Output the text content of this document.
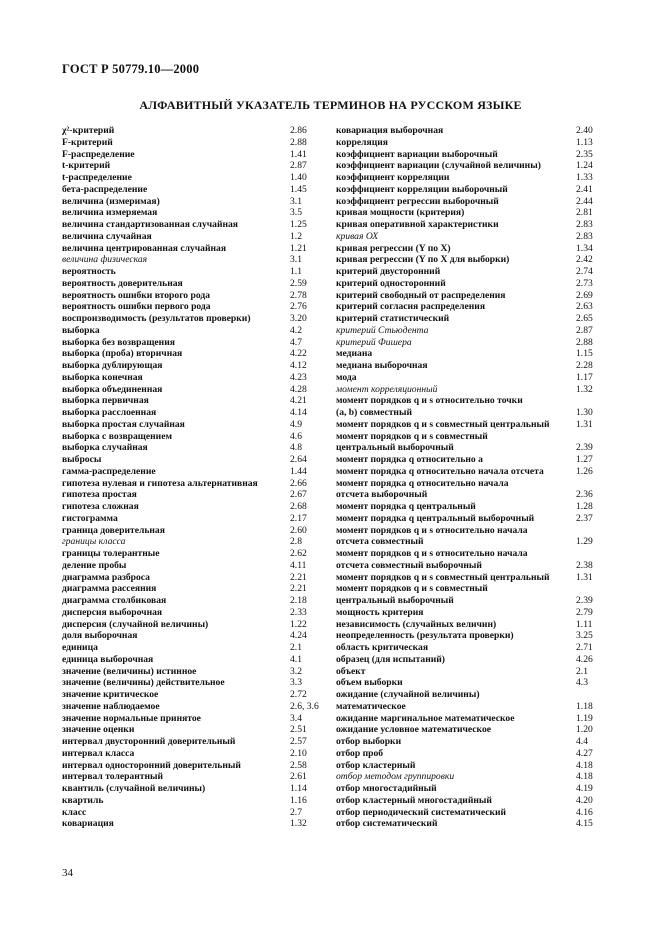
ГОСТ Р 50779.10—2000
АЛФАВИТНЫЙ УКАЗАТЕЛЬ ТЕРМИНОВ НА РУССКОМ ЯЗЫКЕ
χ²-критерий	2.86
F-критерий	2.88
F-распределение	1.41
t-критерий	2.87
t-распределение	1.40
бета-распределение	1.45
величина (измеримая)	3.1
величина измеряемая	3.5
величина стандартизованная случайная	1.25
величина случайная	1.2
величина центрированная случайная	1.21
величина физическая	3.1
вероятность	1.1
вероятность доверительная	2.59
вероятность ошибки второго рода	2.78
вероятность ошибки первого рода	2.76
воспроизводимость (результатов проверки)	3.20
выборка	4.2
выборка без возвращения	4.7
выборка (проба) вторичная	4.22
выборка дублирующая	4.12
выборка конечная	4.23
выборка объединенная	4.28
выборка первичная	4.21
выборка расслоенная	4.14
выборка простая случайная	4.9
выборка с возвращением	4.6
выборка случайная	4.8
выбросы	2.64
гамма-распределение	1.44
гипотеза нулевая и гипотеза альтернативная	2.66
гипотеза простая	2.67
гипотеза сложная	2.68
гистограмма	2.17
граница доверительная	2.60
границы класса	2.8
границы толерантные	2.62
деление пробы	4.11
диаграмма разброса	2.21
диаграмма рассеяния	2.21
диаграмма столбиковая	2.18
дисперсия выборочная	2.33
дисперсия (случайной величины)	1.22
доля выборочная	4.24
единица	2.1
единица выборочная	4.1
значение (величины) истинное	3.2
значение (величины) действительное	3.3
значение критическое	2.72
значение наблюдаемое	2.6, 3.6
значение нормальные принятое	3.4
значение оценки	2.51
интервал двусторонний доверительный	2.57
интервал класса	2.10
интервал односторонний доверительный	2.58
интервал толерантный	2.61
квантиль (случайной величины)	1.14
квартиль	1.16
класс	2.7
ковариация	1.32
ковариация выборочная	2.40
корреляция	1.13
коэффициент вариации выборочный	2.35
коэффициент вариации (случайной величины)	1.24
коэффициент корреляции	1.33
коэффициент корреляции выборочный	2.41
коэффициент регрессии выборочный	2.44
кривая мощности (критерия)	2.81
кривая оперативной характеристики	2.83
кривая ОХ	2.83
кривая регрессии (Y по X)	1.34
кривая регрессии (Y по X для выборки)	2.42
критерий двусторонний	2.74
критерий односторонний	2.73
критерий свободный от распределения	2.69
критерий согласия распределения	2.63
критерий статистический	2.65
критерий Стьюдента	2.87
критерий Фишера	2.88
медиана	1.15
медиана выборочная	2.28
мода	1.17
момент корреляционный	1.32
момент порядков q и s относительно точки
(a, b) совместный	1.30
момент порядков q и s совместный центральный	1.31
момент порядков q и s совместный
центральный выборочный	2.39
момент порядка q относительно a	1.27
момент порядка q относительно начала отсчета	1.26
момент порядка q относительно начала
отсчета выборочный	2.36
момент порядка q центральный	1.28
момент порядка q центральный выборочный	2.37
момент порядков q и s относительно начала
отсчета совместный	1.29
момент порядков q и s относительно начала
отсчета совместный выборочный	2.38
момент порядков q и s совместный центральный	1.31
момент порядков q и s совместный
центральный выборочный	2.39
мощность критерия	2.79
независимость (случайных величин)	1.11
неопределенность (результата проверки)	3.25
область критическая	2.71
образец (для испытаний)	4.26
объект	2.1
объем выборки	4.3
ожидание (случайной величины)
математическое	1.18
ожидание маргинальное математическое	1.19
ожидание условное математическое	1.20
отбор выборки	4.4
отбор проб	4.27
отбор кластерный	4.18
отбор методом группировки	4.18
отбор многостадийный	4.19
отбор кластерный многостадийный	4.20
отбор периодический систематический	4.16
отбор систематический	4.15
34
